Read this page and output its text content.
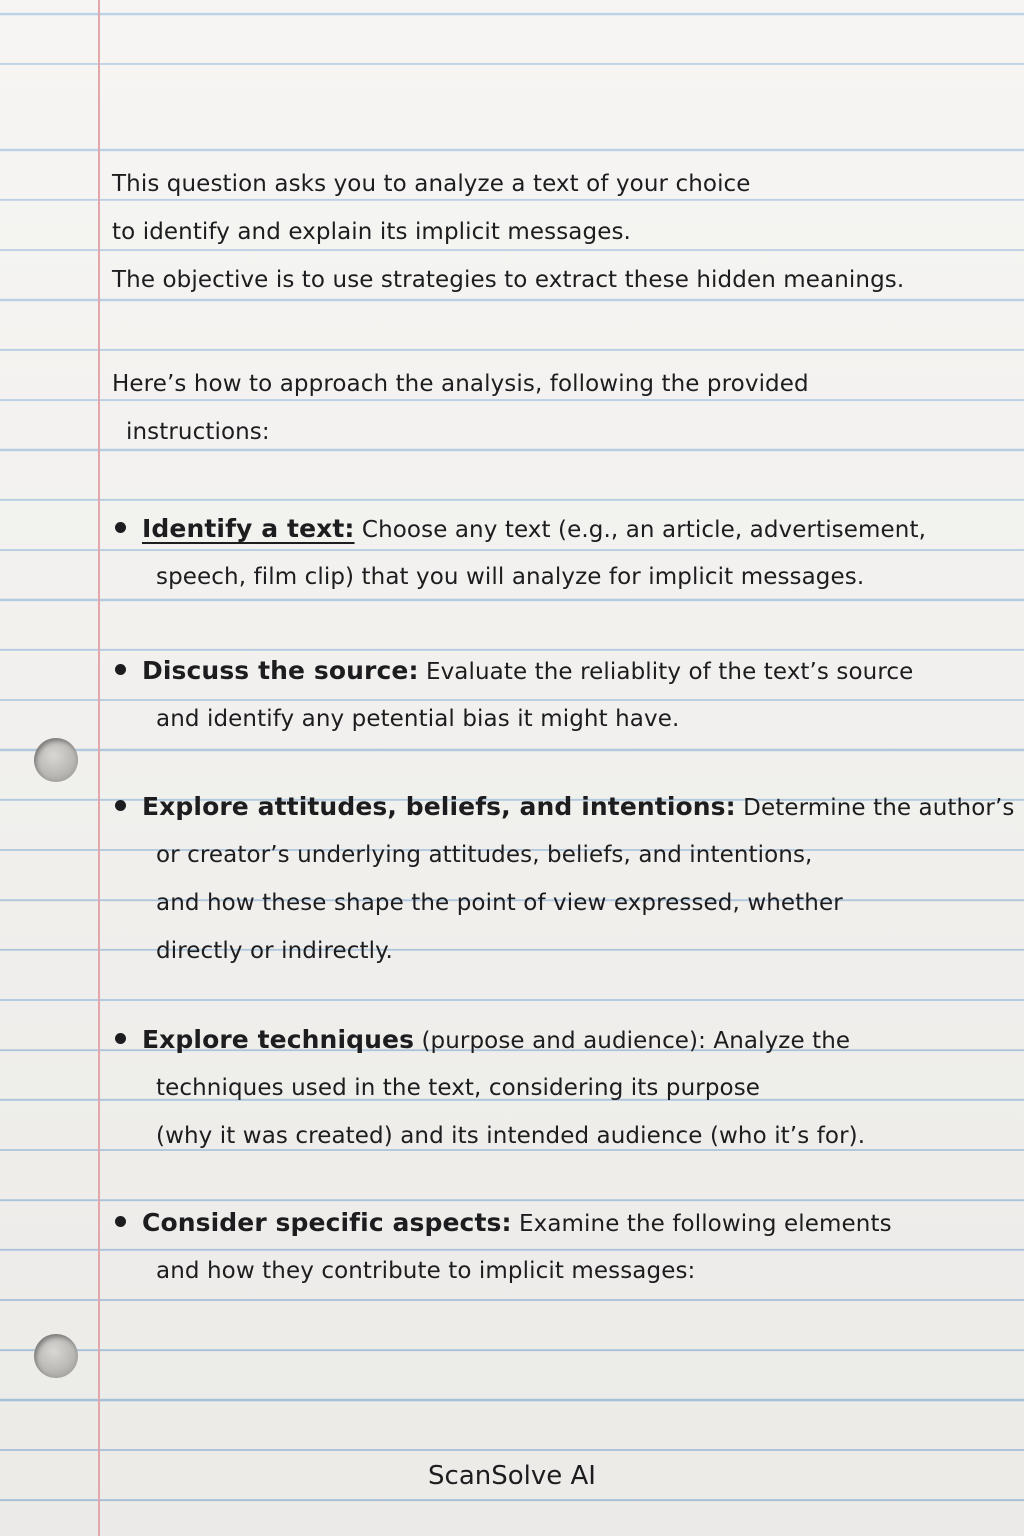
This question asks you to analyze a text of your choice
to identify and explain its implicit messages.
The objective is to use strategies to extract these hidden meanings.
Here’s how to approach the analysis, following the provided
instructions:
Identify a text: Choose any text (e.g., an article, advertisement,
speech, film clip) that you will analyze for implicit messages.
Discuss the source: Evaluate the reliablity of the text’s source
and identify any petential bias it might have.
Explore attitudes, beliefs, and intentions: Determine the author’s
or creator’s underlying attitudes, beliefs, and intentions,
and how these shape the point of view expressed, whether
directly or indirectly.
Explore techniques (purpose and audience): Analyze the
techniques used in the text, considering its purpose
(why it was created) and its intended audience (who it’s for).
Consider specific aspects: Examine the following elements
and how they contribute to implicit messages:
ScanSolve AI
